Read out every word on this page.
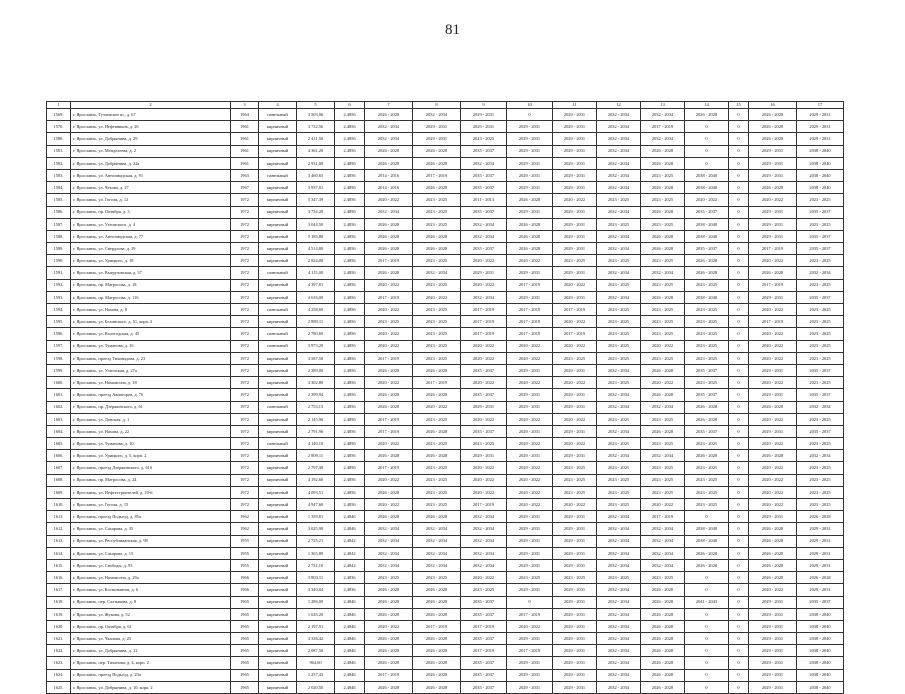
81
1	2	3	4	5	6	7	8	9	10	11	12	13	14	15	16	17
1569.	г. Ярославль, Тутаевское ш., д. 67	1964	панельный	3 503,06	2,4856	2026 - 2028	2032 - 2034	2029 - 2031	0	2029 - 2031	2032 - 2034	2032 - 2034	2026 - 2028	0	2026 - 2028	2029 - 2031
1570.	г. Ярославль, ул. Нефтяников, д. 26	1961	кирпичный	3 732,56	2,4856	2032 - 2034	2029 - 2031	2029 - 2031	2029 - 2031	2029 - 2031	2032 - 2034	2017 - 2019	0	0	2026 - 2028	2029 - 2031
1580.	г. Ярославль, ул. Добрынина, д. 29	1961	кирпичный	2 411,50	2,4856	2032 - 2034	2029 - 2031	2023 - 2025	2029 - 2031	2029 - 2031	2032 - 2034	2032 - 2034	0	0	2026 - 2028	2029 - 2031
1581.	г. Ярославль, ул. Менделеева, д. 2	1961	кирпичный	4 361,20	2,4856	2026 - 2028	2026 - 2028	2035 - 2037	2029 - 2031	2029 - 2031	2032 - 2034	2026 - 2028	0	0	2029 - 2031	2038 - 2040
1582.	г. Ярославль, ул. Добрынина, д. 22а	1961	кирпичный	2 931,00	2,4856	2026 - 2028	2026 - 2028	2032 - 2034	2029 - 2031	2029 - 2031	2032 - 2034	2026 - 2028	0	0	2029 - 2031	2038 - 2040
1583.	г. Ярославль, ул. Автозаводская, д. 91	1963	панельный	3 460,65	2,4856	2014 - 2016	2017 - 2019	2035 - 2037	2029 - 2031	2029 - 2031	2032 - 2034	2023 - 2025	2038 - 2040	0	2029 - 2031	2038 - 2040
1584.	г. Ярославль, ул. Чехова, д. 27	1967	кирпичный	3 937,01	2,4856	2014 - 2016	2026 - 2028	2035 - 2037	2029 - 2031	2029 - 2031	2032 - 2034	2026 - 2028	2038 - 2040	0	2026 - 2028	2038 - 2040
1585.	г. Ярославль, ул. Гоголя, д. 12	1972	кирпичный	5 347,39	2,4856	2020 - 2022	2023 - 2025	2011 - 2013	2026 - 2028	2020 - 2022	2023 - 2025	2023 - 2025	2020 - 2022	0	2020 - 2022	2023 - 2025
1586.	г. Ярославль, пр. Октября, д. 3	1972	кирпичный	3 734,20	2,4856	2032 - 2034	2023 - 2025	2035 - 2037	2029 - 2031	2029 - 2031	2032 - 2034	2026 - 2028	2035 - 2037	0	2029 - 2031	2035 - 2037
1587.	г. Ярославль, ул. Ухтомского, д. 4	1972	кирпичный	3 044,50	2,4856	2026 - 2028	2023 - 2025	2032 - 2034	2026 - 2028	2029 - 2031	2023 - 2025	2023 - 2025	2038 - 2040	0	2029 - 2031	2023 - 2025
1588.	г. Ярославль, ул. Автозаводская, д. 77	1972	кирпичный	5 185,80	2,4856	2026 - 2028	2026 - 2028	2032 - 2034	2026 - 2028	2029 - 2031	2032 - 2034	2026 - 2028	2038 - 2040	0	2029 - 2031	2035 - 2037
1589.	г. Ярославль, ул. Свердлова, д. 29	1972	кирпичный	4 514,80	2,4856	2026 - 2028	2026 - 2028	2035 - 2037	2026 - 2028	2029 - 2031	2032 - 2034	2026 - 2028	2035 - 2037	0	2017 - 2019	2035 - 2037
1590.	г. Ярославль, ул. Урицкого, д. 18	1972	кирпичный	2 824,00	2,4856	2017 - 2019	2023 - 2025	2020 - 2022	2020 - 2022	2023 - 2025	2023 - 2025	2023 - 2025	2026 - 2028	0	2020 - 2022	2023 - 2025
1591.	г. Ярославль, ул. Выгрузовская, д. 37	1972	панельный	4 115,00	2,4856	2026 - 2028	2032 - 2034	2029 - 2031	2029 - 2031	2029 - 2031	2032 - 2034	2032 - 2034	2026 - 2028	0	2026 - 2028	2032 - 2034
1592.	г. Ярославль, пр. Матросова, д. 18	1972	кирпичный	4 397,81	2,4856	2020 - 2022	2023 - 2025	2020 - 2022	2017 - 2019	2020 - 2022	2023 - 2025	2023 - 2025	2023 - 2025	0	2017 - 2019	2023 - 2025
1593.	г. Ярославль, пр. Матросова, д. 116	1972	кирпичный	4 616,00	2,4856	2017 - 2019	2020 - 2022	2032 - 2034	2029 - 2031	2029 - 2031	2032 - 2034	2026 - 2028	2038 - 2040	0	2029 - 2031	2035 - 2037
1594.	г. Ярославль, ул. Нахова, д. 8	1972	панельный	4 258,60	2,4856	2020 - 2022	2023 - 2025	2017 - 2019	2017 - 2019	2017 - 2019	2023 - 2025	2023 - 2025	2023 - 2025	0	2020 - 2022	2023 - 2025
1595.	г. Ярославль, ул. Белинского, д. 51, корп. 2	1972	кирпичный	2 880,11	2,4856	2023 - 2025	2023 - 2025	2017 - 2019	2017 - 2019	2020 - 2022	2023 - 2025	2023 - 2025	2023 - 2025	0	2017 - 2019	2023 - 2025
1596.	г. Ярославль, ул. Вологодская, д. 45	1972	панельный	2 780,60	2,4856	2020 - 2022	2023 - 2025	2017 - 2019	2017 - 2019	2017 - 2019	2023 - 2025	2023 - 2025	2023 - 2025	0	2020 - 2022	2023 - 2025
1597.	г. Ярославль, ул. Туманова, д. 16	1972	панельный	3 973,20	2,4856	2020 - 2022	2023 - 2025	2020 - 2022	2020 - 2022	2020 - 2022	2023 - 2025	2020 - 2022	2023 - 2025	0	2020 - 2022	2023 - 2025
1598.	г. Ярославль, проезд Тиховидова, д. 23	1972	кирпичный	3 587,50	2,4856	2017 - 2019	2023 - 2025	2020 - 2022	2020 - 2022	2023 - 2025	2023 - 2025	2023 - 2025	2023 - 2025	0	2020 - 2022	2023 - 2025
1599.	г. Ярославль, ул. Угличская, д. 27а	1972	кирпичный	2 389,00	2,4856	2026 - 2028	2026 - 2028	2035 - 2037	2029 - 2031	2029 - 2031	2032 - 2034	2026 - 2028	2035 - 2037	0	2029 - 2031	2035 - 2037
1600.	г. Ярославль, ул. Нахимсона, д. 18	1972	кирпичный	3 302,80	2,4856	2020 - 2022	2017 - 2019	2020 - 2022	2020 - 2022	2020 - 2022	2023 - 2025	2020 - 2022	2023 - 2025	0	2020 - 2022	2023 - 2025
1601.	г. Ярославль, проезд Авиаторов, д. 76	1972	кирпичный	2 399,94	2,4856	2026 - 2028	2026 - 2028	2035 - 2037	2029 - 2031	2029 - 2031	2032 - 2034	2026 - 2028	2035 - 2037	0	2029 - 2031	2035 - 2037
1602.	г. Ярославль, пр. Дзержинского, д. 61	1972	панельный	2 753,15	2,4856	2026 - 2028	2020 - 2022	2029 - 2031	2029 - 2031	2029 - 2031	2032 - 2034	2032 - 2034	2026 - 2028	0	2026 - 2028	2032 - 2034
1603.	г. Ярославль, ул. Донская, д. 1	1972	кирпичный	2 145,96	2,4856	2017 - 2019	2023 - 2025	2020 - 2022	2020 - 2022	2020 - 2022	2023 - 2025	2023 - 2025	2026 - 2028	0	2020 - 2022	2023 - 2025
1604.	г. Ярославль, ул. Нахова, д. 22	1972	кирпичный	2 791,96	2,4856	2017 - 2019	2026 - 2028	2035 - 2037	2029 - 2031	2029 - 2031	2032 - 2034	2026 - 2028	2035 - 2037	0	2029 - 2031	2035 - 2037
1605.	г. Ярославль, ул. Туманова, д. 10	1972	панельный	4 140,10	2,4856	2020 - 2022	2023 - 2025	2023 - 2025	2020 - 2022	2020 - 2022	2023 - 2025	2023 - 2025	2023 - 2025	0	2020 - 2022	2023 - 2025
1606.	г. Ярославль, ул. Урицкого, д. 5, корп. 2	1972	кирпичный	2 809,11	2,4856	2026 - 2028	2026 - 2028	2029 - 2031	2029 - 2031	2029 - 2031	2032 - 2034	2032 - 2034	2026 - 2028	0	2026 - 2028	2032 - 2034
1607.	г. Ярославль, проезд Дзержинского, д. 61б	1972	кирпичный	2 797,30	2,4856	2017 - 2019	2023 - 2025	2020 - 2022	2020 - 2022	2023 - 2025	2023 - 2025	2023 - 2025	2023 - 2025	0	2020 - 2022	2023 - 2025
1608.	г. Ярославль, пр. Матросова, д. 24	1972	кирпичный	4 192,60	2,4856	2020 - 2022	2023 - 2025	2020 - 2022	2020 - 2022	2023 - 2025	2023 - 2025	2023 - 2025	2023 - 2025	0	2020 - 2022	2023 - 2025
1609.	г. Ярославль, ул. Нефтестроителей, д. 10-6	1972	кирпичный	4 093,51	2,4856	2026 - 2028	2023 - 2025	2020 - 2022	2020 - 2022	2023 - 2025	2023 - 2025	2023 - 2025	2023 - 2025	0	2020 - 2022	2023 - 2025
1610.	г. Ярославль, ул. Гоголя, д. 15	1972	кирпичный	4 947,60	2,4856	2020 - 2022	2023 - 2025	2017 - 2019	2020 - 2022	2020 - 2022	2023 - 2025	2020 - 2022	2023 - 2025	0	2020 - 2022	2023 - 2025
1611.	г. Ярославль, проезд Подъезд, д. 85а	1962	кирпичный	1 359,81	2,4846	2026 - 2028	2026 - 2028	2032 - 2034	2029 - 2031	2029 - 2031	2032 - 2034	2017 - 2019	0	0	2029 - 2031	2026 - 2028
1612.	г. Ярославль, ул. Сахарова, д. 35	1962	кирпичный	3 025,90	2,4846	2032 - 2034	2032 - 2034	2032 - 2034	2029 - 2031	2029 - 2031	2032 - 2034	2032 - 2034	2038 - 2040	0	2026 - 2028	2029 - 2031
1613.	г. Ярославль, ул. Республиканская, д. 98	1955	кирпичный	2 725,21	2,4842	2032 - 2034	2032 - 2034	2032 - 2034	2029 - 2031	2029 - 2031	2032 - 2034	2032 - 2034	2038 - 2040	0	2026 - 2028	2029 - 2031
1614.	г. Ярославль, ул. Сахарова, д. 15	1955	кирпичный	1 365,80	2,4842	2032 - 2034	2032 - 2034	2032 - 2034	2029 - 2031	2029 - 2031	2032 - 2034	2032 - 2034	2026 - 2028	0	2026 - 2028	2029 - 2031
1615.	г. Ярославль, ул. Свободы, д. 93	1955	кирпичный	2 731,10	2,4842	2032 - 2034	2032 - 2034	2032 - 2034	2029 - 2031	2029 - 2031	2032 - 2034	2032 - 2034	2026 - 2028	0	2026 - 2028	2029 - 2031
1616.	г. Ярославль, ул. Нахимсона, д. 29а	1966	кирпичный	3 803,11	2,4836	2023 - 2025	2023 - 2025	2020 - 2022	2023 - 2025	2023 - 2025	2023 - 2025	2023 - 2025	0	0	2026 - 2028	2026 - 2028
1617.	г. Ярославль, ул. Космонавтов, д. 6	1966	кирпичный	3 340,04	2,4836	2026 - 2028	2026 - 2028	2023 - 2025	2029 - 2031	2029 - 2031	2032 - 2034	2026 - 2028	0	0	2020 - 2022	2029 - 2031
1618.	г. Ярославль, пер. Салтыкова, д. 8	1965	кирпичный	1 286,00	2,4846	2026 - 2028	2026 - 2028	2035 - 2037	0	2029 - 2031	2032 - 2034	2026 - 2028	2041 - 2043	0	2029 - 2031	2035 - 2037
1619.	г. Ярославль, ул. Жукова, д. 52	1965	кирпичный	1 635,20	2,4846	2026 - 2028	2026 - 2028	2035 - 2037	2017 - 2019	2029 - 2031	2032 - 2034	2026 - 2028	0	0	2029 - 2031	2038 - 2040
1620.	г. Ярославль, пр. Октября, д. 61	1965	кирпичный	2 197,91	2,4846	2020 - 2022	2017 - 2019	2017 - 2019	2020 - 2022	2029 - 2031	2032 - 2034	2026 - 2028	0	0	2029 - 2031	2038 - 2040
1621.	г. Ярославль, ул. Чкалова, д. 25	1965	кирпичный	3 336,42	2,4846	2026 - 2028	2026 - 2028	2035 - 2037	2029 - 2031	2029 - 2031	2032 - 2034	2026 - 2028	0	0	2029 - 2031	2038 - 2040
1622.	г. Ярославль, ул. Добрынина, д. 12	1965	кирпичный	2 087,50	2,4846	2026 - 2028	2026 - 2028	2017 - 2019	2017 - 2019	2029 - 2031	2032 - 2034	2026 - 2028	0	0	2029 - 2031	2038 - 2040
1623.	г. Ярославль, пер. Тихонова, д. 4, корп. 2	1965	кирпичный	964,60	2,4846	2026 - 2028	2026 - 2028	2035 - 2037	2029 - 2031	2029 - 2031	2032 - 2034	2026 - 2028	0	0	2029 - 2031	2038 - 2040
1624.	г. Ярославль, проезд Подъезд, д. 23а	1965	кирпичный	1 257,43	2,4846	2017 - 2019	2026 - 2028	2035 - 2037	2029 - 2031	2029 - 2031	2032 - 2034	2026 - 2028	0	0	2029 - 2031	2038 - 2040
1625.	г. Ярославль, ул. Добрынина, д. 10, корп. 2	1965	кирпичный	2 020,50	2,4846	2026 - 2028	2026 - 2028	2035 - 2037	2029 - 2031	2029 - 2031	2032 - 2034	2026 - 2028	0	0	2029 - 2031	2038 - 2040
